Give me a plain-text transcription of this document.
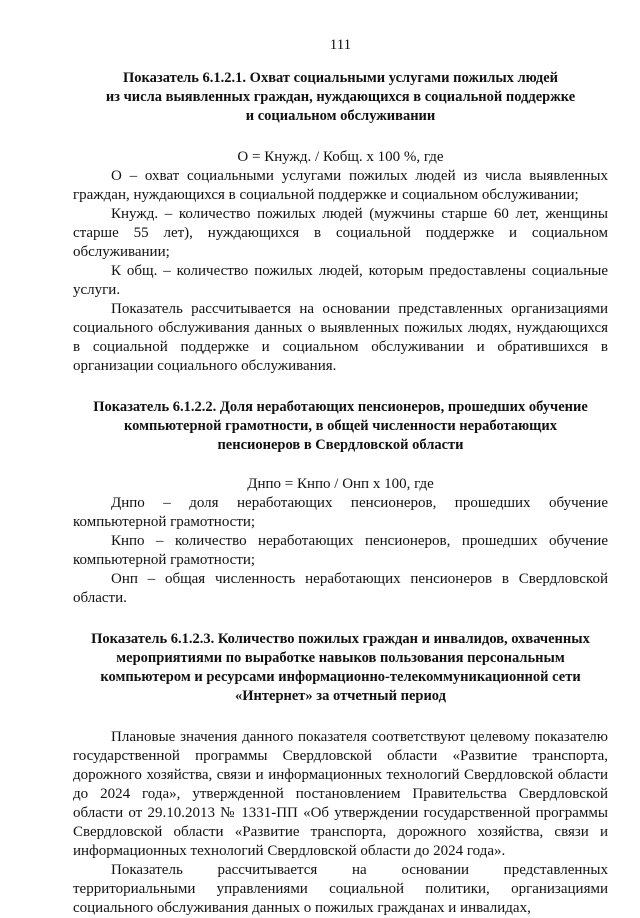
111
Показатель 6.1.2.1. Охват социальными услугами пожилых людей
из числа выявленных граждан, нуждающихся в социальной поддержке
и социальном обслуживании
О = Кнужд. / Кобщ. х 100 %, где

О – охват социальными услугами пожилых людей из числа выявленных граждан, нуждающихся в социальной поддержке и социальном обслуживании;

Кнужд. – количество пожилых людей (мужчины старше 60 лет, женщины старше 55 лет), нуждающихся в социальной поддержке и социальном обслуживании;

К общ. – количество пожилых людей, которым предоставлены социальные услуги.

Показатель рассчитывается на основании представленных организациями социального обслуживания данных о выявленных пожилых людях, нуждающихся в социальной поддержке и социальном обслуживании и обратившихся в организации социального обслуживания.

Показатель 6.1.2.2. Доля неработающих пенсионеров, прошедших обучение
компьютерной грамотности, в общей численности неработающих
пенсионеров в Свердловской области
Днпо = Кнпо / Онп х 100, где

Днпо – доля неработающих пенсионеров, прошедших обучение компьютерной грамотности;

Кнпо – количество неработающих пенсионеров, прошедших обучение компьютерной грамотности;

Онп – общая численность неработающих пенсионеров в Свердловской области.

Показатель 6.1.2.3. Количество пожилых граждан и инвалидов, охваченных
мероприятиями по выработке навыков пользования персональным
компьютером и ресурсами информационно-телекоммуникационной сети
«Интернет» за отчетный период

Плановые значения данного показателя соответствуют целевому показателю государственной программы Свердловской области «Развитие транспорта, дорожного хозяйства, связи и информационных технологий Свердловской области до 2024 года», утвержденной постановлением Правительства Свердловской области от 29.10.2013 № 1331-ПП «Об утверждении государственной программы Свердловской области «Развитие транспорта, дорожного хозяйства, связи и информационных технологий Свердловской области до 2024 года».

Показатель рассчитывается на основании представленных территориальными управлениями социальной политики, организациями социального обслуживания данных о пожилых гражданах и инвалидах,
